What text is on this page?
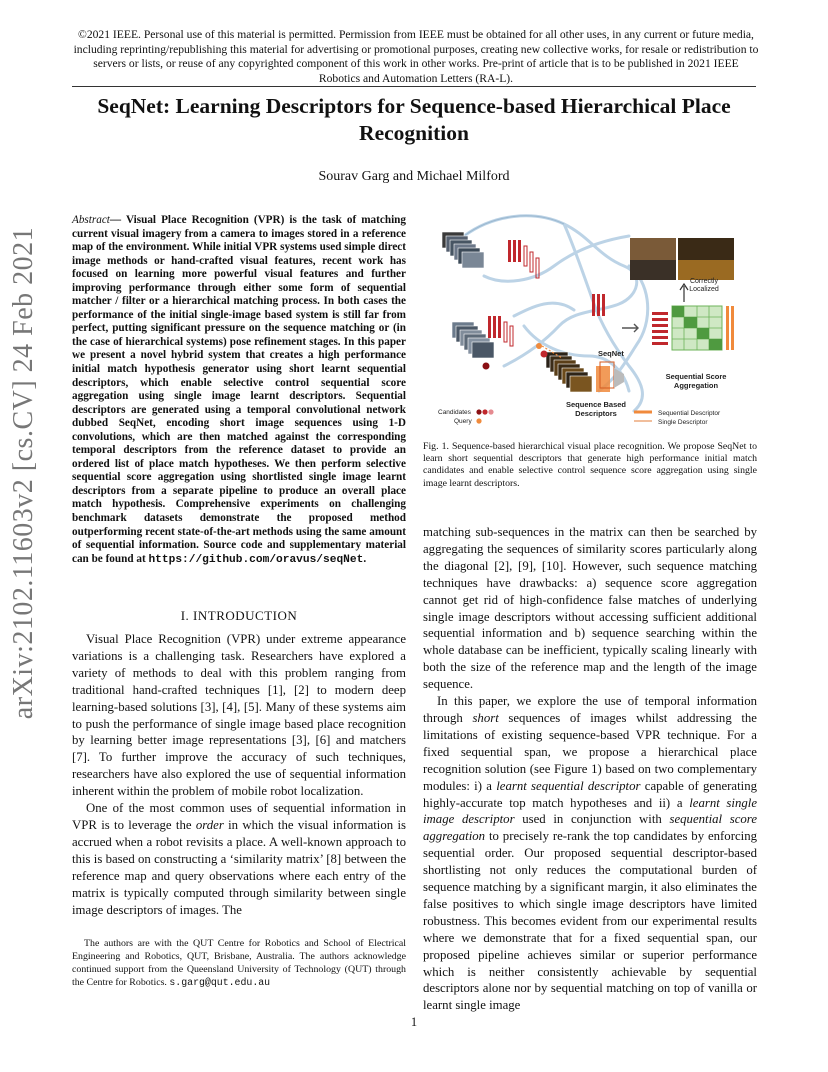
©2021 IEEE. Personal use of this material is permitted. Permission from IEEE must be obtained for all other uses, in any current or future media, including reprinting/republishing this material for advertising or promotional purposes, creating new collective works, for resale or redistribution to servers or lists, or reuse of any copyrighted component of this work in other works. Pre-print of article that is to be published in 2021 IEEE Robotics and Automation Letters (RA-L).
SeqNet: Learning Descriptors for Sequence-based Hierarchical Place Recognition
Sourav Garg and Michael Milford
arXiv:2102.11603v2 [cs.CV] 24 Feb 2021
Abstract— Visual Place Recognition (VPR) is the task of matching current visual imagery from a camera to images stored in a reference map of the environment. While initial VPR systems used simple direct image methods or hand-crafted visual features, recent work has focused on learning more powerful visual features and further improving performance through either some form of sequential matcher / filter or a hierarchical matching process. In both cases the performance of the initial single-image based system is still far from perfect, putting significant pressure on the sequence matching or (in the case of hierarchical systems) pose refinement stages. In this paper we present a novel hybrid system that creates a high performance initial match hypothesis generator using short learnt sequential descriptors, which enable selective control sequential score aggregation using single image learnt descriptors. Sequential descriptors are generated using a temporal convolutional network dubbed SeqNet, encoding short image sequences using 1-D convolutions, which are then matched against the corresponding temporal descriptors from the reference dataset to provide an ordered list of place match hypotheses. We then perform selective sequential score aggregation using shortlisted single image learnt descriptors from a separate pipeline to produce an overall place match hypothesis. Comprehensive experiments on challenging benchmark datasets demonstrate the proposed method outperforming recent state-of-the-art methods using the same amount of sequential information. Source code and supplementary material can be found at https://github.com/oravus/seqNet.
I. INTRODUCTION

Visual Place Recognition (VPR) under extreme appearance variations is a challenging task. Researchers have explored a variety of methods to deal with this problem ranging from traditional hand-crafted techniques [1], [2] to modern deep learning-based solutions [3], [4], [5]. Many of these systems aim to push the performance of single image based place recognition by learning better image representations [3], [6] and matchers [7]. To further improve the accuracy of such techniques, researchers have also explored the use of sequential information inherent within the problem of mobile robot localization.

One of the most common uses of sequential information in VPR is to leverage the order in which the visual information is accrued when a robot revisits a place. A well-known approach to this is based on constructing a ‘similarity matrix’ [8] between the reference map and query observations where each entry of the matrix is typically computed through similarity between single image descriptors of images. The

The authors are with the QUT Centre for Robotics and School of Electrical Engineering and Robotics, QUT, Brisbane, Australia. The authors acknowledge continued support from the Queensland University of Technology (QUT) through the Centre for Robotics. s.garg@qut.edu.au
SeqNet
Correctly
Localized
Sequential Score
Aggregation
Sequence Based
Descriptors
Candidates
Query
Sequential Descriptor
Single Descriptor
Fig. 1. Sequence-based hierarchical visual place recognition. We propose SeqNet to learn short sequential descriptors that generate high performance initial match candidates and enable selective control sequence score aggregation using single image learnt descriptors.

matching sub-sequences in the matrix can then be searched by aggregating the sequences of similarity scores particularly along the diagonal [2], [9], [10]. However, such sequence matching techniques have drawbacks: a) sequence score aggregation cannot get rid of high-confidence false matches of underlying single image descriptors without accessing sufficient additional sequential information and b) sequence searching within the whole database can be inefficient, typically scaling linearly with both the size of the reference map and the length of the image sequence.

In this paper, we explore the use of temporal information through short sequences of images whilst addressing the limitations of existing sequence-based VPR technique. For a fixed sequential span, we propose a hierarchical place recognition solution (see Figure 1) based on two complementary modules: i) a learnt sequential descriptor capable of generating highly-accurate top match hypotheses and ii) a learnt single image descriptor used in conjunction with sequential score aggregation to precisely re-rank the top candidates by enforcing sequential order. Our proposed sequential descriptor-based shortlisting not only reduces the computational burden of sequence matching by a significant margin, it also eliminates the false positives to which single image descriptors have limited robustness. This becomes evident from our experimental results where we demonstrate that for a fixed sequential span, our proposed pipeline achieves similar or superior performance which is neither consistently achievable by sequential descriptors alone nor by sequential matching on top of vanilla or learnt single image

1
